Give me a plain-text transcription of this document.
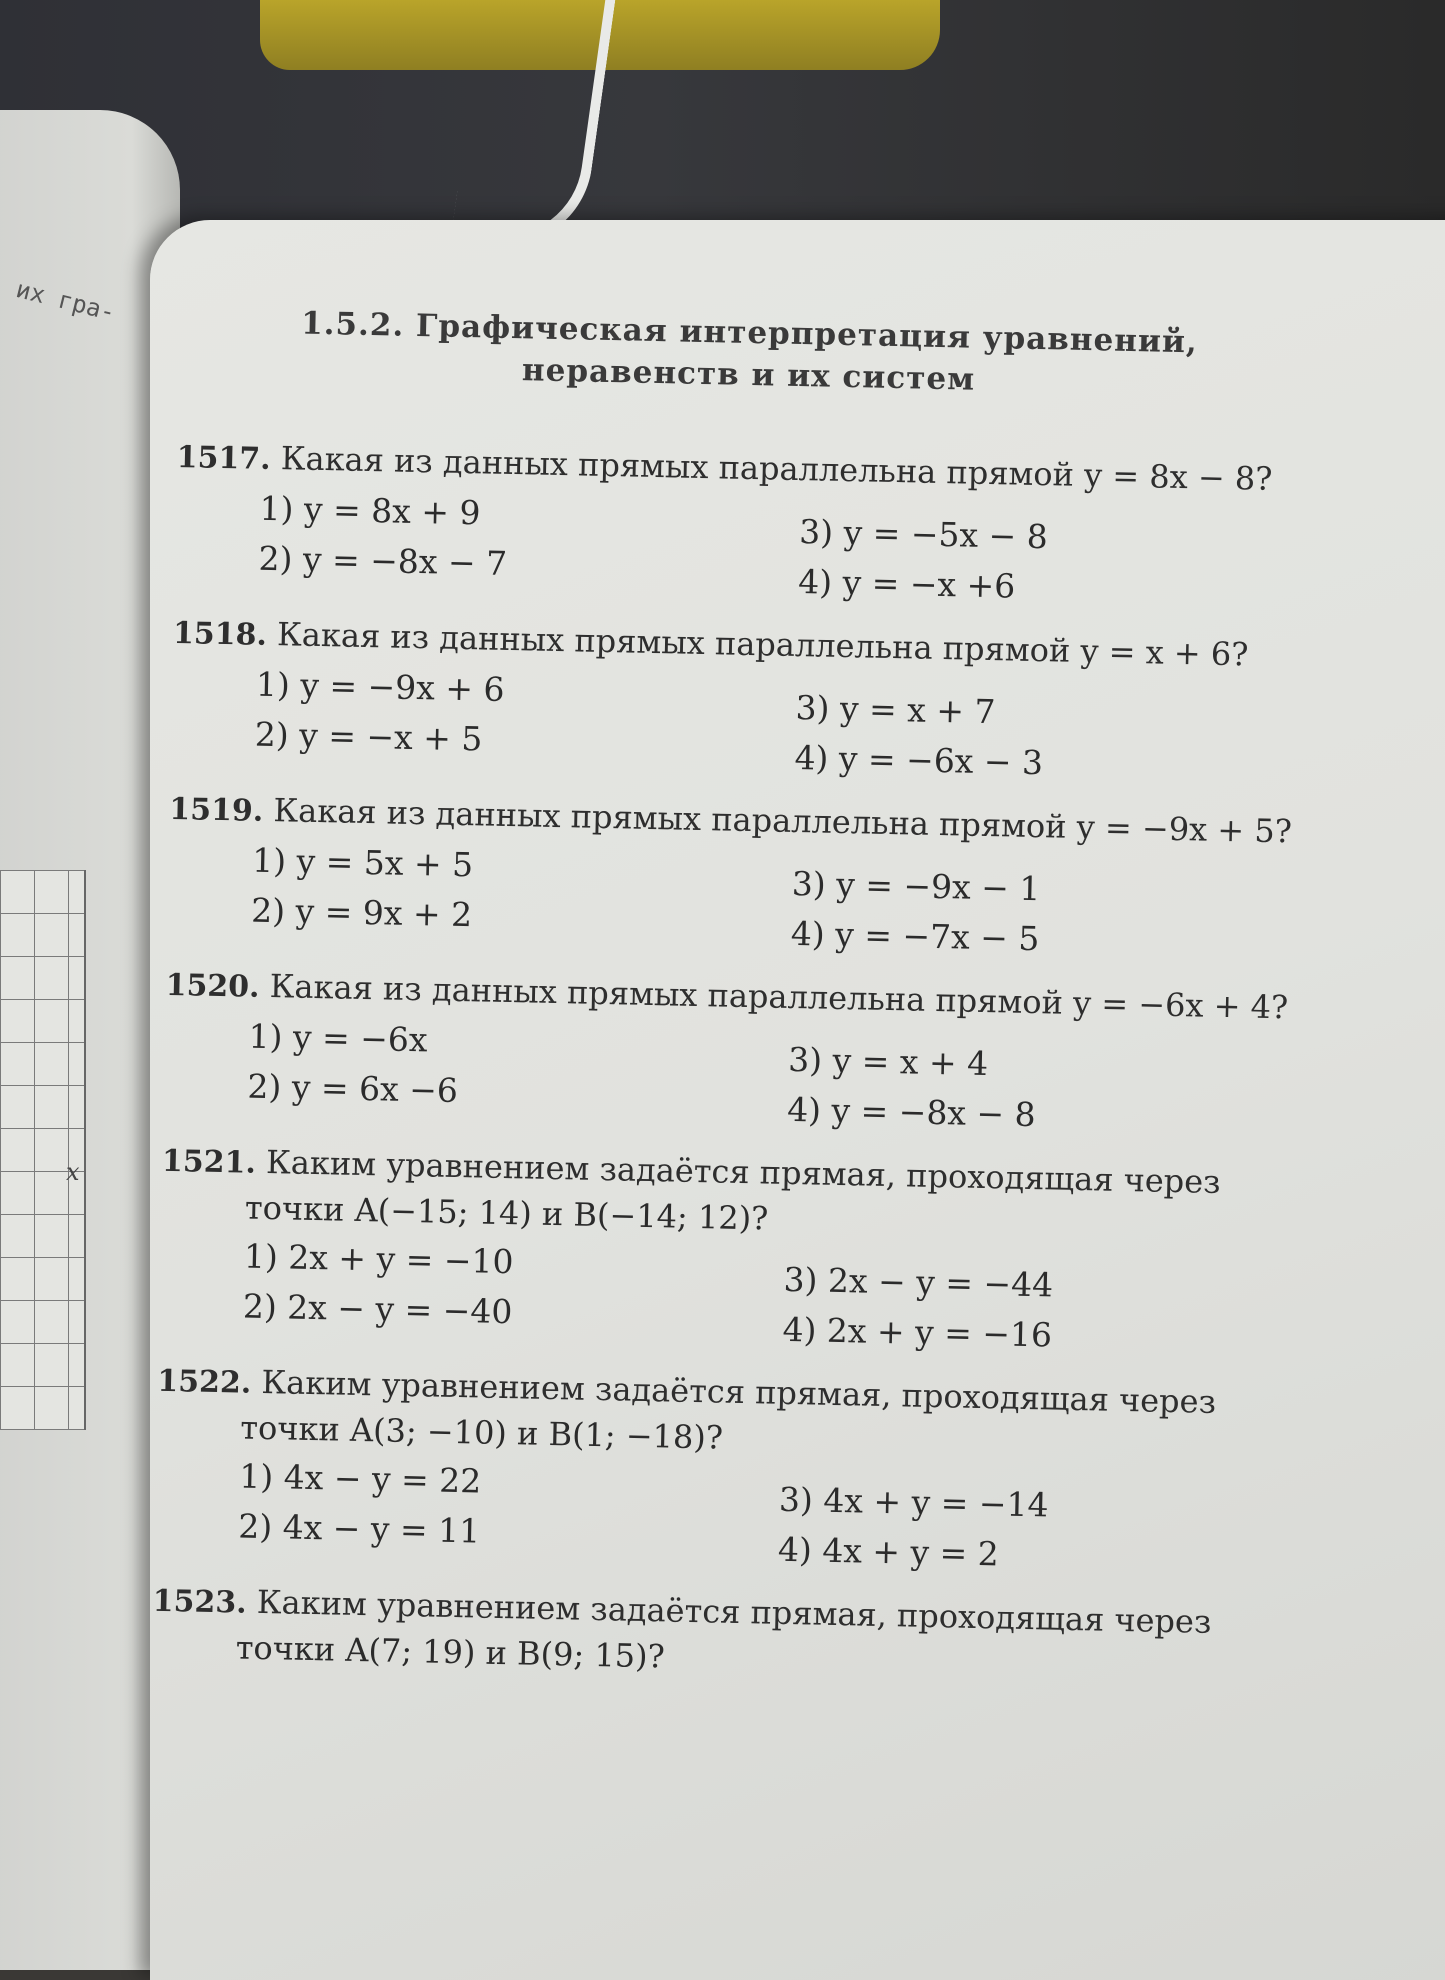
их гра-
x
1.5.2. Графическая интерпретация уравнений,
неравенств и их систем
1517. Какая из данных прямых параллельна прямой y = 8x − 8?
1) y = 8x + 9
3) y = −5x − 8
2) y = −8x − 7
4) y = −x +6
1518. Какая из данных прямых параллельна прямой y = x + 6?
1) y = −9x + 6
3) y = x + 7
2) y = −x + 5
4) y = −6x − 3
1519. Какая из данных прямых параллельна прямой y = −9x + 5?
1) y = 5x + 5
3) y = −9x − 1
2) y = 9x + 2
4) y = −7x − 5
1520. Какая из данных прямых параллельна прямой y = −6x + 4?
1) y = −6x
3) y = x + 4
2) y = 6x −6
4) y = −8x − 8
1521. Каким уравнением задаётся прямая, проходящая через
точки A(−15; 14) и B(−14; 12)?
1) 2x + y = −10
3) 2x − y = −44
2) 2x − y = −40
4) 2x + y = −16
1522. Каким уравнением задаётся прямая, проходящая через
точки A(3; −10) и B(1; −18)?
1) 4x − y = 22
3) 4x + y = −14
2) 4x − y = 11
4) 4x + y = 2
1523. Каким уравнением задаётся прямая, проходящая через
точки A(7; 19) и B(9; 15)?
